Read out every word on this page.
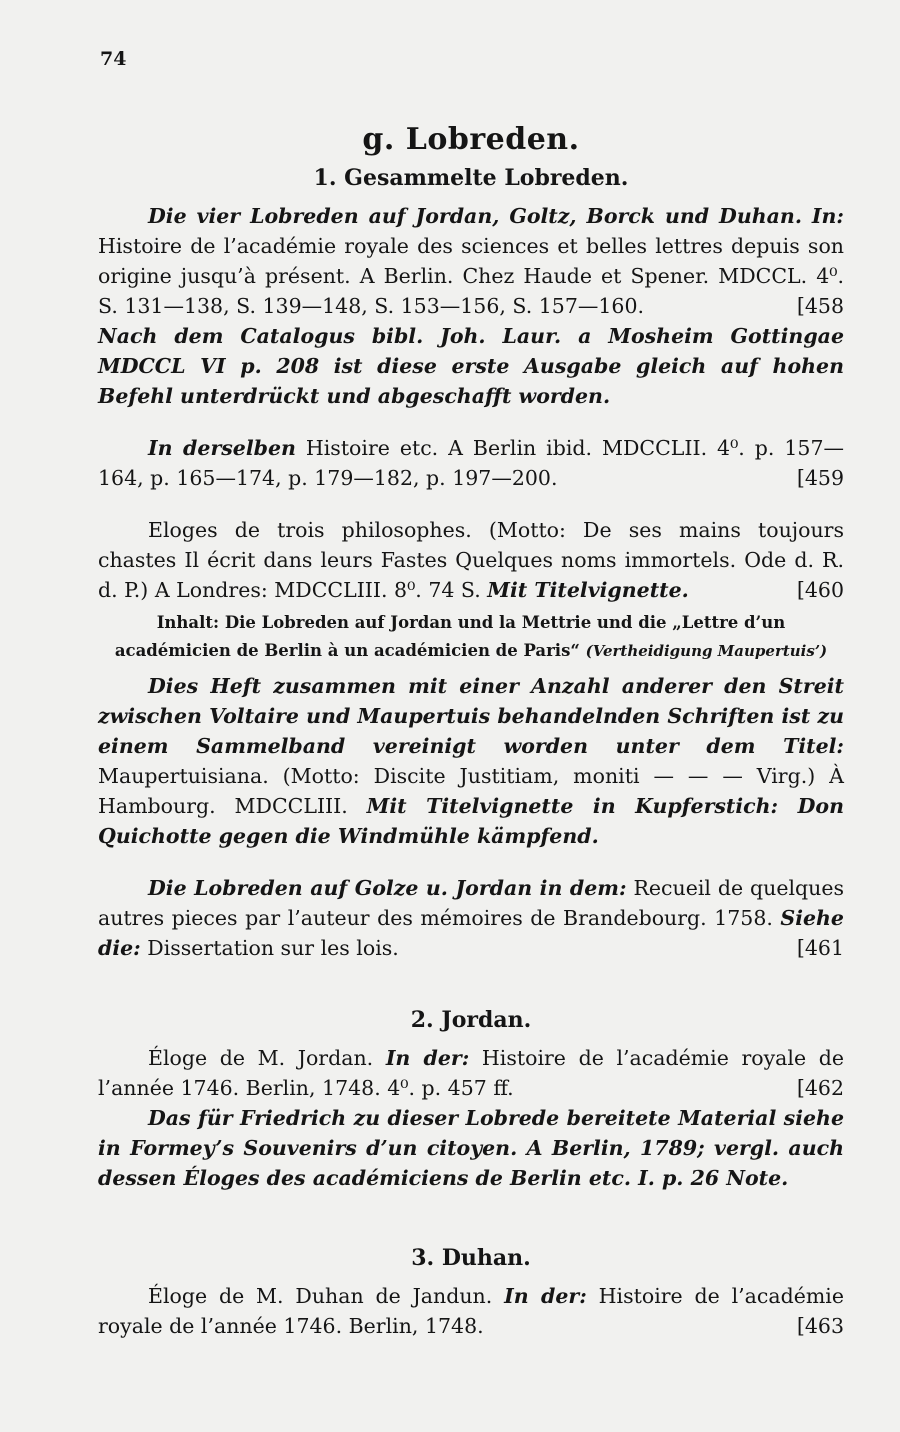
74
g. Lobreden.
1. Gesammelte Lobreden.

Die vier Lobreden auf Jordan, Goltz, Borck und Duhan. In: Histoire de l’académie royale des sciences et belles lettres depuis son origine jusqu’à présent. A Berlin. Chez Haude et Spener. MDCCL. 4⁰. S. 131—138, S. 139—148, S. 153—156, S. 157—160.	[458

Nach dem Catalogus bibl. Joh. Laur. a Mosheim Gottingae MDCCL VI p. 208 ist diese erste Ausgabe gleich auf hohen Befehl unterdrückt und abgeschafft worden.

In derselben Histoire etc. A Berlin ibid. MDCCLII. 4⁰. p. 157—164, p. 165—174, p. 179—182, p. 197—200.	[459

Eloges de trois philosophes. (Motto: De ses mains toujours chastes Il écrit dans leurs Fastes Quelques noms immortels. Ode d. R. d. P.) A Londres: MDCCLIII. 8⁰. 74 S. Mit Titelvignette.	[460

Inhalt: Die Lobreden auf Jordan und la Mettrie und die „Lettre d’un académicien de Berlin à un académicien de Paris“ (Vertheidigung Maupertuis’)

Dies Heft zusammen mit einer Anzahl anderer den Streit zwischen Voltaire und Maupertuis behandelnden Schriften ist zu einem Sammelband vereinigt worden unter dem Titel: Maupertuisiana. (Motto: Discite Justitiam, moniti — — — Virg.) À Hambourg. MDCCLIII. Mit Titelvignette in Kupferstich: Don Quichotte gegen die Windmühle kämpfend.

Die Lobreden auf Golze u. Jordan in dem: Recueil de quelques autres pieces par l’auteur des mémoires de Brandebourg. 1758. Siehe die: Dissertation sur les lois.	[461

2. Jordan.

Éloge de M. Jordan. In der: Histoire de l’académie royale de l’année 1746. Berlin, 1748. 4⁰. p. 457 ff.	[462

Das für Friedrich zu dieser Lobrede bereitete Material siehe in Formey’s Souvenirs d’un citoyen. A Berlin, 1789; vergl. auch dessen Éloges des académiciens de Berlin etc. I. p. 26 Note.

3. Duhan.

Éloge de M. Duhan de Jandun. In der: Histoire de l’académie royale de l’année 1746. Berlin, 1748.	[463
